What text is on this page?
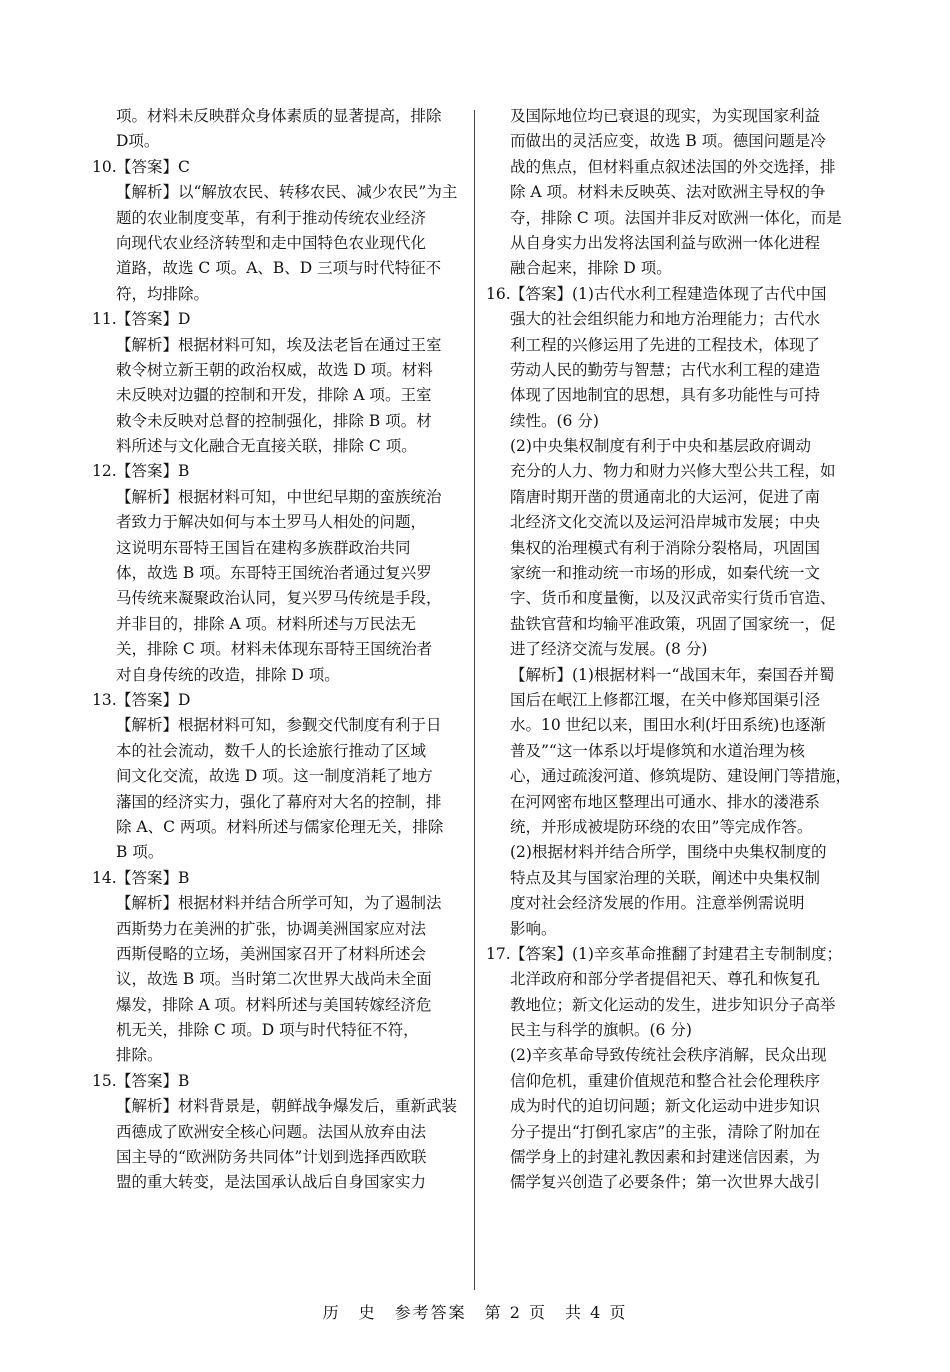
项。材料未反映群众身体素质的显著提高，排除
D项。
10.【答案】C
【解析】以“解放农民、转移农民、减少农民”为主
题的农业制度变革，有利于推动传统农业经济
向现代农业经济转型和走中国特色农业现代化
道路，故选 C 项。A、B、D 三项与时代特征不
符，均排除。
11.【答案】D
【解析】根据材料可知，埃及法老旨在通过王室
敕令树立新王朝的政治权威，故选 D 项。材料
未反映对边疆的控制和开发，排除 A 项。王室
敕令未反映对总督的控制强化，排除 B 项。材
料所述与文化融合无直接关联，排除 C 项。
12.【答案】B
【解析】根据材料可知，中世纪早期的蛮族统治
者致力于解决如何与本土罗马人相处的问题，
这说明东哥特王国旨在建构多族群政治共同
体，故选 B 项。东哥特王国统治者通过复兴罗
马传统来凝聚政治认同，复兴罗马传统是手段，
并非目的，排除 A 项。材料所述与万民法无
关，排除 C 项。材料未体现东哥特王国统治者
对自身传统的改造，排除 D 项。
13.【答案】D
【解析】根据材料可知，参觐交代制度有利于日
本的社会流动，数千人的长途旅行推动了区域
间文化交流，故选 D 项。这一制度消耗了地方
藩国的经济实力，强化了幕府对大名的控制，排
除 A、C 两项。材料所述与儒家伦理无关，排除
B 项。
14.【答案】B
【解析】根据材料并结合所学可知，为了遏制法
西斯势力在美洲的扩张，协调美洲国家应对法
西斯侵略的立场，美洲国家召开了材料所述会
议，故选 B 项。当时第二次世界大战尚未全面
爆发，排除 A 项。材料所述与美国转嫁经济危
机无关，排除 C 项。D 项与时代特征不符，
排除。
15.【答案】B
【解析】材料背景是，朝鲜战争爆发后，重新武装
西德成了欧洲安全核心问题。法国从放弃由法
国主导的“欧洲防务共同体”计划到选择西欧联
盟的重大转变，是法国承认战后自身国家实力
及国际地位均已衰退的现实，为实现国家利益
而做出的灵活应变，故选 B 项。德国问题是冷
战的焦点，但材料重点叙述法国的外交选择，排
除 A 项。材料未反映英、法对欧洲主导权的争
夺，排除 C 项。法国并非反对欧洲一体化，而是
从自身实力出发将法国利益与欧洲一体化进程
融合起来，排除 D 项。
16.【答案】(1)古代水利工程建造体现了古代中国
强大的社会组织能力和地方治理能力；古代水
利工程的兴修运用了先进的工程技术，体现了
劳动人民的勤劳与智慧；古代水利工程的建造
体现了因地制宜的思想，具有多功能性与可持
续性。(6 分)
(2)中央集权制度有利于中央和基层政府调动
充分的人力、物力和财力兴修大型公共工程，如
隋唐时期开凿的贯通南北的大运河，促进了南
北经济文化交流以及运河沿岸城市发展；中央
集权的治理模式有利于消除分裂格局，巩固国
家统一和推动统一市场的形成，如秦代统一文
字、货币和度量衡，以及汉武帝实行货币官造、
盐铁官营和均输平准政策，巩固了国家统一，促
进了经济交流与发展。(8 分)
【解析】(1)根据材料一“战国末年，秦国吞并蜀
国后在岷江上修都江堰，在关中修郑国渠引泾
水。10 世纪以来，围田水利(圩田系统)也逐渐
普及”“这一体系以圩堤修筑和水道治理为核
心，通过疏浚河道、修筑堤防、建设闸门等措施，
在河网密布地区整理出可通水、排水的溇港系
统，并形成被堤防环绕的农田”等完成作答。
(2)根据材料并结合所学，围绕中央集权制度的
特点及其与国家治理的关联，阐述中央集权制
度对社会经济发展的作用。注意举例需说明
影响。
17.【答案】(1)辛亥革命推翻了封建君主专制制度；
北洋政府和部分学者提倡祀天、尊孔和恢复孔
教地位；新文化运动的发生，进步知识分子高举
民主与科学的旗帜。(6 分)
(2)辛亥革命导致传统社会秩序消解，民众出现
信仰危机，重建价值规范和整合社会伦理秩序
成为时代的迫切问题；新文化运动中进步知识
分子提出“打倒孔家店”的主张，清除了附加在
儒学身上的封建礼教因素和封建迷信因素，为
儒学复兴创造了必要条件；第一次世界大战引
历　史　参考答案　第 2 页　共 4 页
